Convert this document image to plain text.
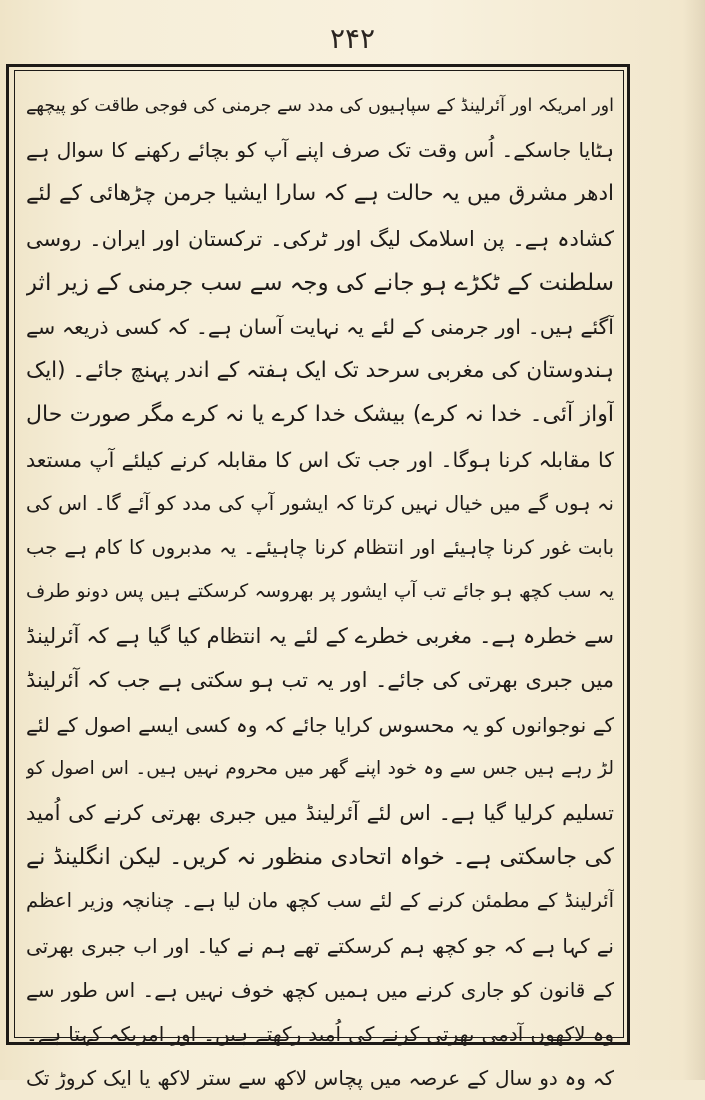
۲۴۲
اور امریکہ اور آئرلینڈ کے سپاہیوں کی مدد سے جرمنی کی فوجی طاقت کو پیچھے
ہٹایا جاسکے۔ اُس وقت تک صرف اپنے آپ کو بچائے رکھنے کا سوال ہے
ادھر مشرق میں یہ حالت ہے کہ سارا ایشیا جرمن چڑھائی کے لئے
کشادہ ہے۔ پن اسلامک لیگ اور ٹرکی۔ ترکستان اور ایران۔ روسی
سلطنت کے ٹکڑے ہو جانے کی وجہ سے سب جرمنی کے زیر اثر
آگئے ہیں۔ اور جرمنی کے لئے یہ نہایت آسان ہے۔ کہ کسی ذریعہ سے
ہندوستان کی مغربی سرحد تک ایک ہفتہ کے اندر پہنچ جائے۔ (ایک
آواز آئی۔ خدا نہ کرے) بیشک خدا کرے یا نہ کرے مگر صورت حال
کا مقابلہ کرنا ہوگا۔ اور جب تک اس کا مقابلہ کرنے کیلئے آپ مستعد
نہ ہوں گے میں خیال نہیں کرتا کہ ایشور آپ کی مدد کو آئے گا۔ اس کی
بابت غور کرنا چاہیئے اور انتظام کرنا چاہیئے۔ یہ مدبروں کا کام ہے جب
یہ سب کچھ ہو جائے تب آپ ایشور پر بھروسہ کرسکتے ہیں پس دونو طرف
سے خطرہ ہے۔ مغربی خطرے کے لئے یہ انتظام کیا گیا ہے کہ آئرلینڈ
میں جبری بھرتی کی جائے۔ اور یہ تب ہو سکتی ہے جب کہ آئرلینڈ
کے نوجوانوں کو یہ محسوس کرایا جائے کہ وہ کسی ایسے اصول کے لئے
لڑ رہے ہیں جس سے وہ خود اپنے گھر میں محروم نہیں ہیں۔ اس اصول کو
تسلیم کرلیا گیا ہے۔ اس لئے آئرلینڈ میں جبری بھرتی کرنے کی اُمید
کی جاسکتی ہے۔ خواہ اتحادی منظور نہ کریں۔ لیکن انگلینڈ نے
آئرلینڈ کے مطمئن کرنے کے لئے سب کچھ مان لیا ہے۔ چنانچہ وزیر اعظم
نے کہا ہے کہ جو کچھ ہم کرسکتے تھے ہم نے کیا۔ اور اب جبری بھرتی
کے قانون کو جاری کرنے میں ہمیں کچھ خوف نہیں ہے۔ اس طور سے
وہ لاکھوں آدمی بھرتی کرنے کی اُمید رکھتے ہیں۔ اور امریکہ کہتا ہے۔
کہ وہ دو سال کے عرصہ میں پچاس لاکھ سے ستر لاکھ یا ایک کروڑ تک
